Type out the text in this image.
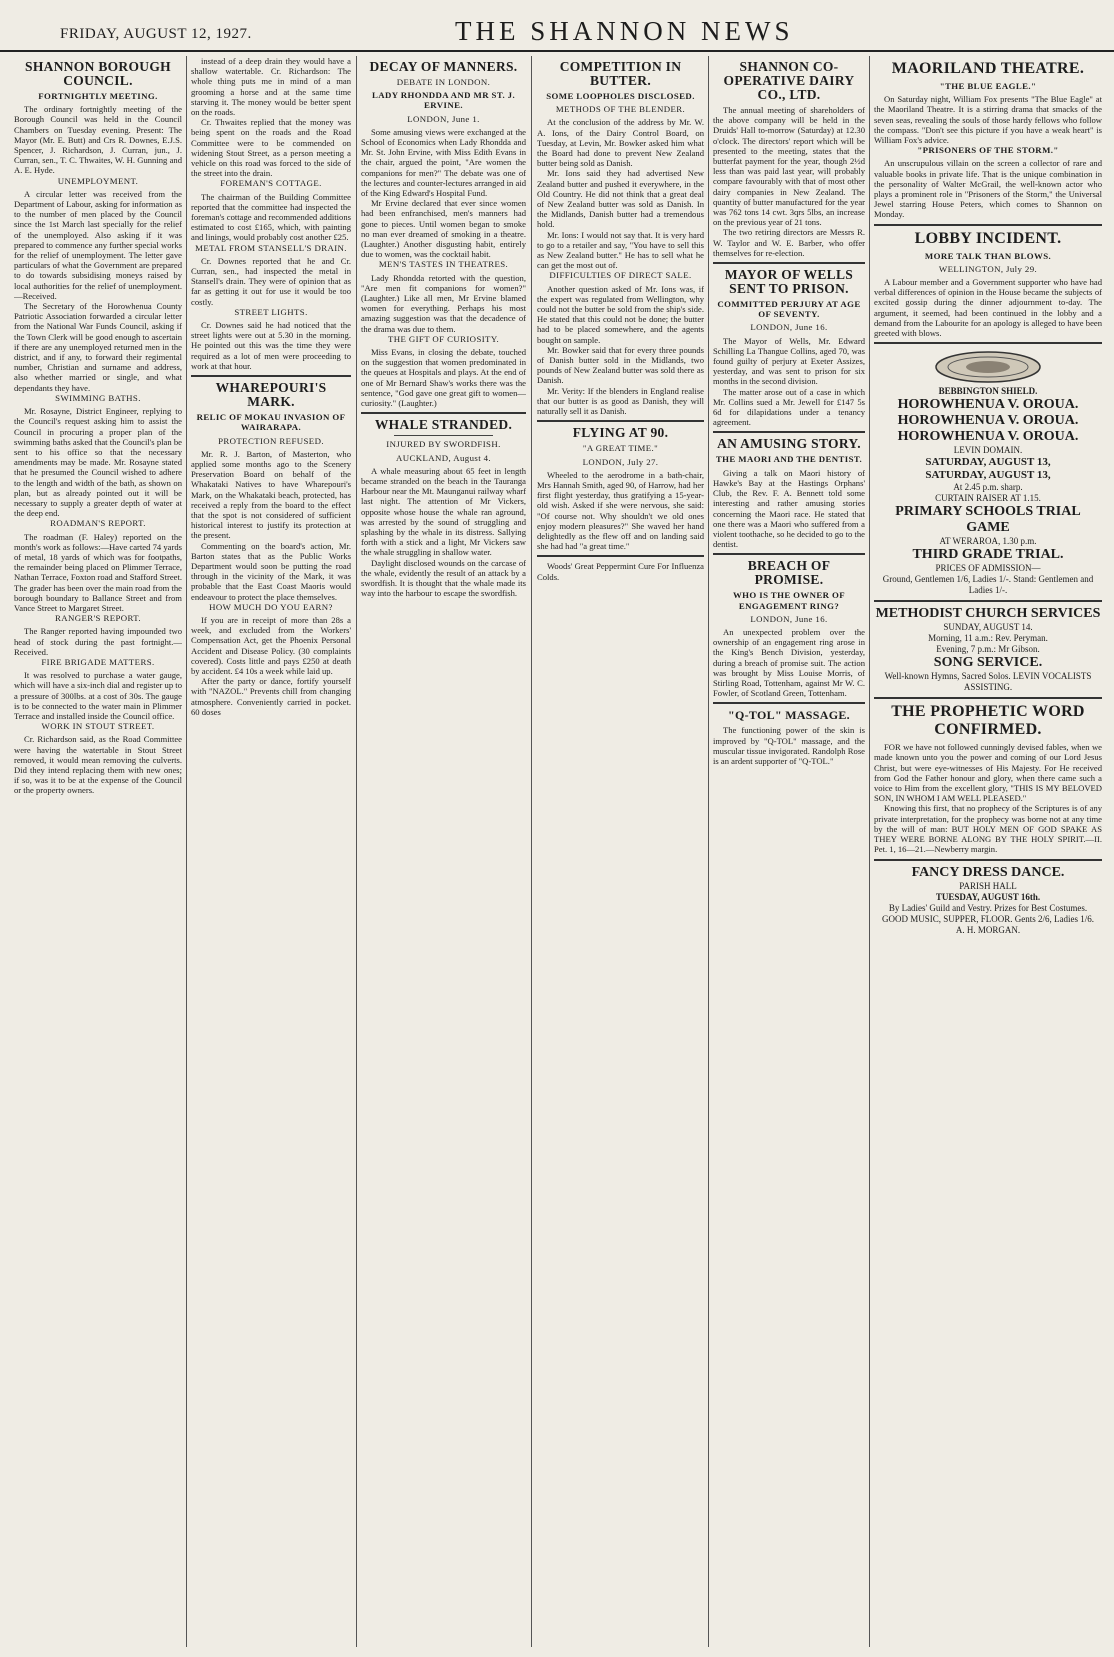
FRIDAY, AUGUST 12, 1927.	THE SHANNON NEWS
SHANNON BOROUGH COUNCIL.
FORTNIGHTLY MEETING.

The ordinary fortnightly meeting of the Borough Council was held in the Council Chambers on Tuesday evening. Present: The Mayor (Mr. E. Butt) and Crs R. Downes, E.J.S. Spencer, J. Richardson, J. Curran, jun., J. Curran, sen., T. C. Thwaites, W. H. Gunning and A. E. Hyde.

UNEMPLOYMENT.

A circular letter was received from the Department of Labour, asking for information as to the number of men placed by the Council since the 1st March last specially for the relief of the unemployed. Also asking if it was prepared to commence any further special works for the relief of unemployment. The letter gave particulars of what the Government are prepared to do towards subsidising moneys raised by local authorities for the relief of unemployment.—Received.

The Secretary of the Horowhenua County Patriotic Association forwarded a circular letter from the National War Funds Council, asking if the Town Clerk will be good enough to ascertain if there are any unemployed returned men in the district, and if any, to forward their regimental number, Christian and surname and address, also whether married or single, and what dependants they have.

SWIMMING BATHS.

Mr. Rosayne, District Engineer, replying to the Council's request asking him to assist the Council in procuring a proper plan of the swimming baths asked that the Council's plan be sent to his office so that the necessary amendments may be made. Mr. Rosayne stated that he presumed the Council wished to adhere to the length and width of the bath, as shown on plan, but as already pointed out it will be necessary to supply a greater depth of water at the deep end.

ROADMAN'S REPORT.

The roadman (F. Haley) reported on the month's work as follows:—Have carted 74 yards of metal, 18 yards of which was for footpaths, the remainder being placed on Plimmer Terrace, Nathan Terrace, Foxton road and Stafford Street. The grader has been over the main road from the borough boundary to Ballance Street and from Vance Street to Margaret Street.

RANGER'S REPORT.

The Ranger reported having impounded two head of stock during the past fortnight.—Received.

FIRE BRIGADE MATTERS.

It was resolved to purchase a water gauge, which will have a six-inch dial and register up to a pressure of 300lbs. at a cost of 30s. The gauge is to be connected to the water main in Plimmer Terrace and installed inside the Council office.

WORK IN STOUT STREET.

Cr. Richardson said, as the Road Committee were having the watertable in Stout Street removed, it would mean removing the culverts. Did they intend replacing them with new ones; if so, was it to be at the expense of the Council or the property owners.

instead of a deep drain they would have a shallow watertable. Cr. Richardson: The whole thing puts me in mind of a man grooming a horse and at the same time starving it. The money would be better spent on the roads.

Cr. Thwaites replied that the money was being spent on the roads and the Road Committee were to be commended on widening Stout Street, as a person meeting a vehicle on this road was forced to the side of the street into the drain.

FOREMAN'S COTTAGE.

The chairman of the Building Committee reported that the committee had inspected the foreman's cottage and recommended additions estimated to cost £165, which, with painting and linings, would probably cost another £25.

METAL FROM STANSELL'S DRAIN.

Cr. Downes reported that he and Cr. Curran, sen., had inspected the metal in Stansell's drain. They were of opinion that as far as getting it out for use it would be too costly.

STREET LIGHTS.

Cr. Downes said he had noticed that the street lights were out at 5.30 in the morning. He pointed out this was the time they were required as a lot of men were proceeding to work at that hour.

WHAREPOURI'S MARK.
RELIC OF MOKAU INVASION OF WAIRARAPA.
PROTECTION REFUSED.

Mr. R. J. Barton, of Masterton, who applied some months ago to the Scenery Preservation Board on behalf of the Whakataki Natives to have Wharepouri's Mark, on the Whakataki beach, protected, has received a reply from the board to the effect that the spot is not considered of sufficient historical interest to justify its protection at the present.

Commenting on the board's action, Mr. Barton states that as the Public Works Department would soon be putting the road through in the vicinity of the Mark, it was probable that the East Coast Maoris would endeavour to protect the place themselves.

HOW MUCH DO YOU EARN?

If you are in receipt of more than 28s a week, and excluded from the Workers' Compensation Act, get the Phoenix Personal Accident and Disease Policy. (30 complaints covered). Costs little and pays £250 at death by accident. £4 10s a week while laid up.

After the party or dance, fortify yourself with "NAZOL." Prevents chill from changing atmosphere. Conveniently carried in pocket. 60 doses

DECAY OF MANNERS.
DEBATE IN LONDON.
LADY RHONDDA AND MR ST. J. ERVINE.
LONDON, June 1.

Some amusing views were exchanged at the School of Economics when Lady Rhondda and Mr. St. John Ervine, with Miss Edith Evans in the chair, argued the point, "Are women the companions for men?" The debate was one of the lectures and counter-lectures arranged in aid of the King Edward's Hospital Fund.

Mr Ervine declared that ever since women had been enfranchised, men's manners had gone to pieces. Until women began to smoke no man ever dreamed of smoking in a theatre. (Laughter.) Another disgusting habit, entirely due to women, was the cocktail habit.

MEN'S TASTES IN THEATRES.

Lady Rhondda retorted with the question, "Are men fit companions for women?" (Laughter.) Like all men, Mr Ervine blamed women for everything. Perhaps his most amazing suggestion was that the decadence of the drama was due to them.

THE GIFT OF CURIOSITY.

Miss Evans, in closing the debate, touched on the suggestion that women predominated in the queues at Hospitals and plays. At the end of one of Mr Bernard Shaw's works there was the sentence, "God gave one great gift to women—curiosity." (Laughter.)

WHALE STRANDED.
INJURED BY SWORDFISH.
AUCKLAND, August 4.

A whale measuring about 65 feet in length became stranded on the beach in the Tauranga Harbour near the Mt. Maunganui railway wharf last night. The attention of Mr Vickers, opposite whose house the whale ran aground, was arrested by the sound of struggling and splashing by the whale in its distress. Sallying forth with a stick and a light, Mr Vickers saw the whale struggling in shallow water.

Daylight disclosed wounds on the carcase of the whale, evidently the result of an attack by a swordfish. It is thought that the whale made its way into the harbour to escape the swordfish.

COMPETITION IN BUTTER.
SOME LOOPHOLES DISCLOSED.
METHODS OF THE BLENDER.

At the conclusion of the address by Mr. W. A. Ions, of the Dairy Control Board, on Tuesday, at Levin, Mr. Bowker asked him what the Board had done to prevent New Zealand butter being sold as Danish.

Mr. Ions said they had advertised New Zealand butter and pushed it everywhere, in the Old Country. He did not think that a great deal of New Zealand butter was sold as Danish. In the Midlands, Danish butter had a tremendous hold.

Mr. Ions: I would not say that. It is very hard to go to a retailer and say, "You have to sell this as New Zealand butter." He has to sell what he can get the most out of.

DIFFICULTIES OF DIRECT SALE.

Another question asked of Mr. Ions was, if the expert was regulated from Wellington, why could not the butter be sold from the ship's side. He stated that this could not be done; the butter had to be placed somewhere, and the agents bought on sample.

Mr. Bowker said that for every three pounds of Danish butter sold in the Midlands, two pounds of New Zealand butter was sold there as Danish.

Mr. Verity: If the blenders in England realise that our butter is as good as Danish, they will naturally sell it as Danish.

FLYING AT 90.
"A GREAT TIME."
LONDON, July 27.

Wheeled to the aerodrome in a bath-chair, Mrs Hannah Smith, aged 90, of Harrow, had her first flight yesterday, thus gratifying a 15-year-old wish. Asked if she were nervous, she said: "Of course not. Why shouldn't we old ones enjoy modern pleasures?" She waved her hand delightedly as the flew off and on landing said she had had "a great time."

Woods' Great Peppermint Cure For Influenza Colds.

SHANNON CO-OPERATIVE DAIRY CO., LTD.

The annual meeting of shareholders of the above company will be held in the Druids' Hall to-morrow (Saturday) at 12.30 o'clock. The directors' report which will be presented to the meeting, states that the butterfat payment for the year, though 2½d less than was paid last year, will probably compare favourably with that of most other dairy companies in New Zealand. The quantity of butter manufactured for the year was 762 tons 14 cwt. 3qrs 5lbs, an increase on the previous year of 21 tons.

The two retiring directors are Messrs R. W. Taylor and W. E. Barber, who offer themselves for re-election.

MAYOR OF WELLS SENT TO PRISON.
COMMITTED PERJURY AT AGE OF SEVENTY.
LONDON, June 16.

The Mayor of Wells, Mr. Edward Schilling La Thangue Collins, aged 70, was found guilty of perjury at Exeter Assizes, yesterday, and was sent to prison for six months in the second division.

The matter arose out of a case in which Mr. Collins sued a Mr. Jewell for £147 5s 6d for dilapidations under a tenancy agreement.

AN AMUSING STORY.
THE MAORI AND THE DENTIST.

Giving a talk on Maori history of Hawke's Bay at the Hastings Orphans' Club, the Rev. F. A. Bennett told some interesting and rather amusing stories concerning the Maori race. He stated that one there was a Maori who suffered from a violent toothache, so he decided to go to the dentist.

BREACH OF PROMISE.
WHO IS THE OWNER OF ENGAGEMENT RING?
LONDON, June 16.

An unexpected problem over the ownership of an engagement ring arose in the King's Bench Division, yesterday, during a breach of promise suit. The action was brought by Miss Louise Morris, of Stirling Road, Tottenham, against Mr W. C. Fowler, of Scotland Green, Tottenham.

"Q-TOL" MASSAGE.

The functioning power of the skin is improved by "Q-TOL" massage, and the muscular tissue invigorated. Randolph Rose is an ardent supporter of "Q-TOL."

MAORILAND THEATRE.
"THE BLUE EAGLE."

On Saturday night, William Fox presents "The Blue Eagle" at the Maoriland Theatre. It is a stirring drama that smacks of the seven seas, revealing the souls of those hardy fellows who follow the compass. "Don't see this picture if you have a weak heart" is William Fox's advice.

"PRISONERS OF THE STORM."

An unscrupulous villain on the screen a collector of rare and valuable books in private life. That is the unique combination in the personality of Walter McGrail, the well-known actor who plays a prominent role in "Prisoners of the Storm," the Universal Jewel starring House Peters, which comes to Shannon on Monday.

LOBBY INCIDENT.
MORE TALK THAN BLOWS.
WELLINGTON, July 29.

A Labour member and a Government supporter who have had verbal differences of opinion in the House became the subjects of excited gossip during the dinner adjournment to-day. The argument, it seemed, had been continued in the lobby and a demand from the Labourite for an apology is alleged to have been greeted with blows.

BEBBINGTON SHIELD.
HOROWHENUA V. OROUA.
HOROWHENUA V. OROUA.
HOROWHENUA V. OROUA.
LEVIN DOMAIN.
SATURDAY, AUGUST 13,
SATURDAY, AUGUST 13,
At 2.45 p.m. sharp.
CURTAIN RAISER AT 1.15.
PRIMARY SCHOOLS TRIAL GAME
AT WERAROA, 1.30 p.m.
THIRD GRADE TRIAL.
PRICES OF ADMISSION—
Ground, Gentlemen 1/6, Ladies 1/-. Stand: Gentlemen and Ladies 1/-.
METHODIST CHURCH SERVICES
SUNDAY, AUGUST 14.
Morning, 11 a.m.: Rev. Peryman.
Evening, 7 p.m.: Mr Gibson.
SONG SERVICE.
Well-known Hymns, Sacred Solos. LEVIN VOCALISTS ASSISTING.
THE PROPHETIC WORD CONFIRMED.

FOR we have not followed cunningly devised fables, when we made known unto you the power and coming of our Lord Jesus Christ, but were eye-witnesses of His Majesty. For He received from God the Father honour and glory, when there came such a voice to Him from the excellent glory, "THIS IS MY BELOVED SON, IN WHOM I AM WELL PLEASED."

Knowing this first, that no prophecy of the Scriptures is of any private interpretation, for the prophecy was borne not at any time by the will of man: BUT HOLY MEN OF GOD SPAKE AS THEY WERE BORNE ALONG BY THE HOLY SPIRIT.—II. Pet. 1, 16—21.—Newberry margin.

FANCY DRESS DANCE.
PARISH HALL
TUESDAY, AUGUST 16th.
By Ladies' Guild and Vestry. Prizes for Best Costumes.
GOOD MUSIC, SUPPER, FLOOR. Gents 2/6, Ladies 1/6.
A. H. MORGAN.
